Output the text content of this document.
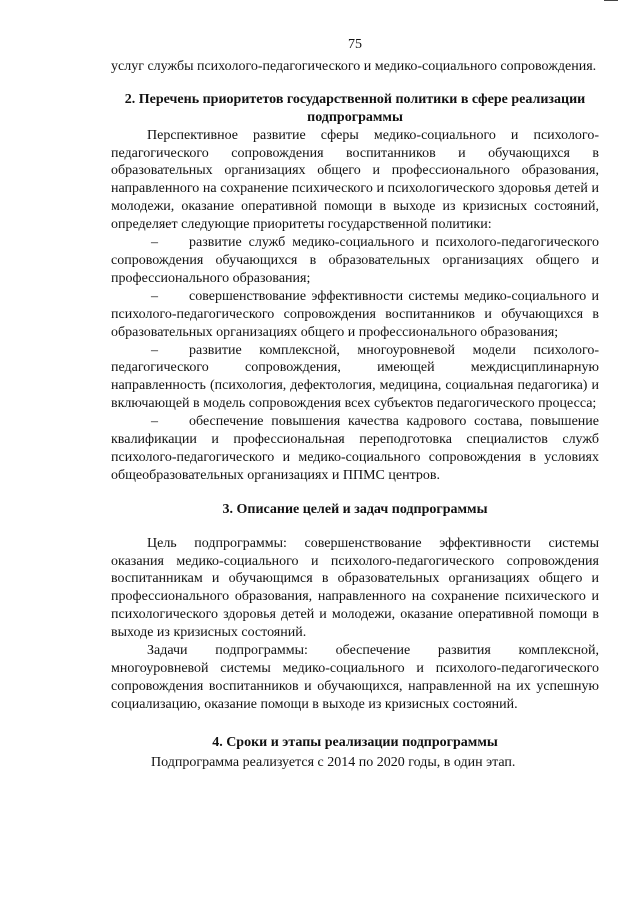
75

услуг службы психолого-педагогического и медико-социального сопровождения.

2. Перечень приоритетов государственной политики в сфере реализации подпрограммы

Перспективное развитие сферы медико-социального и психолого-педагогического сопровождения воспитанников и обучающихся в образовательных организациях общего и профессионального образования, направленного на сохранение психического и психологического здоровья детей и молодежи, оказание оперативной помощи в выходе из кризисных состояний, определяет следующие приоритеты государственной политики:

– развитие служб медико-социального и психолого-педагогического сопровождения обучающихся в образовательных организациях общего и профессионального образования;

– совершенствование эффективности системы медико-социального и психолого-педагогического сопровождения воспитанников и обучающихся в образовательных организациях общего и профессионального образования;

– развитие комплексной, многоуровневой модели психолого-педагогического сопровождения, имеющей междисциплинарную направленность (психология, дефектология, медицина, социальная педагогика) и включающей в модель сопровождения всех субъектов педагогического процесса;

– обеспечение повышения качества кадрового состава, повышение квалификации и профессиональная переподготовка специалистов служб психолого-педагогического и медико-социального сопровождения в условиях общеобразовательных организациях и ППМС центров.

3. Описание целей и задач подпрограммы

Цель подпрограммы: совершенствование эффективности системы оказания медико-социального и психолого-педагогического сопровождения воспитанникам и обучающимся в образовательных организациях общего и профессионального образования, направленного на сохранение психического и психологического здоровья детей и молодежи, оказание оперативной помощи в выходе из кризисных состояний.

Задачи подпрограммы: обеспечение развития комплексной, многоуровневой системы медико-социального и психолого-педагогического сопровождения воспитанников и обучающихся, направленной на их успешную социализацию, оказание помощи в выходе из кризисных состояний.

4. Сроки и этапы реализации подпрограммы

Подпрограмма реализуется с 2014 по 2020 годы, в один этап.
